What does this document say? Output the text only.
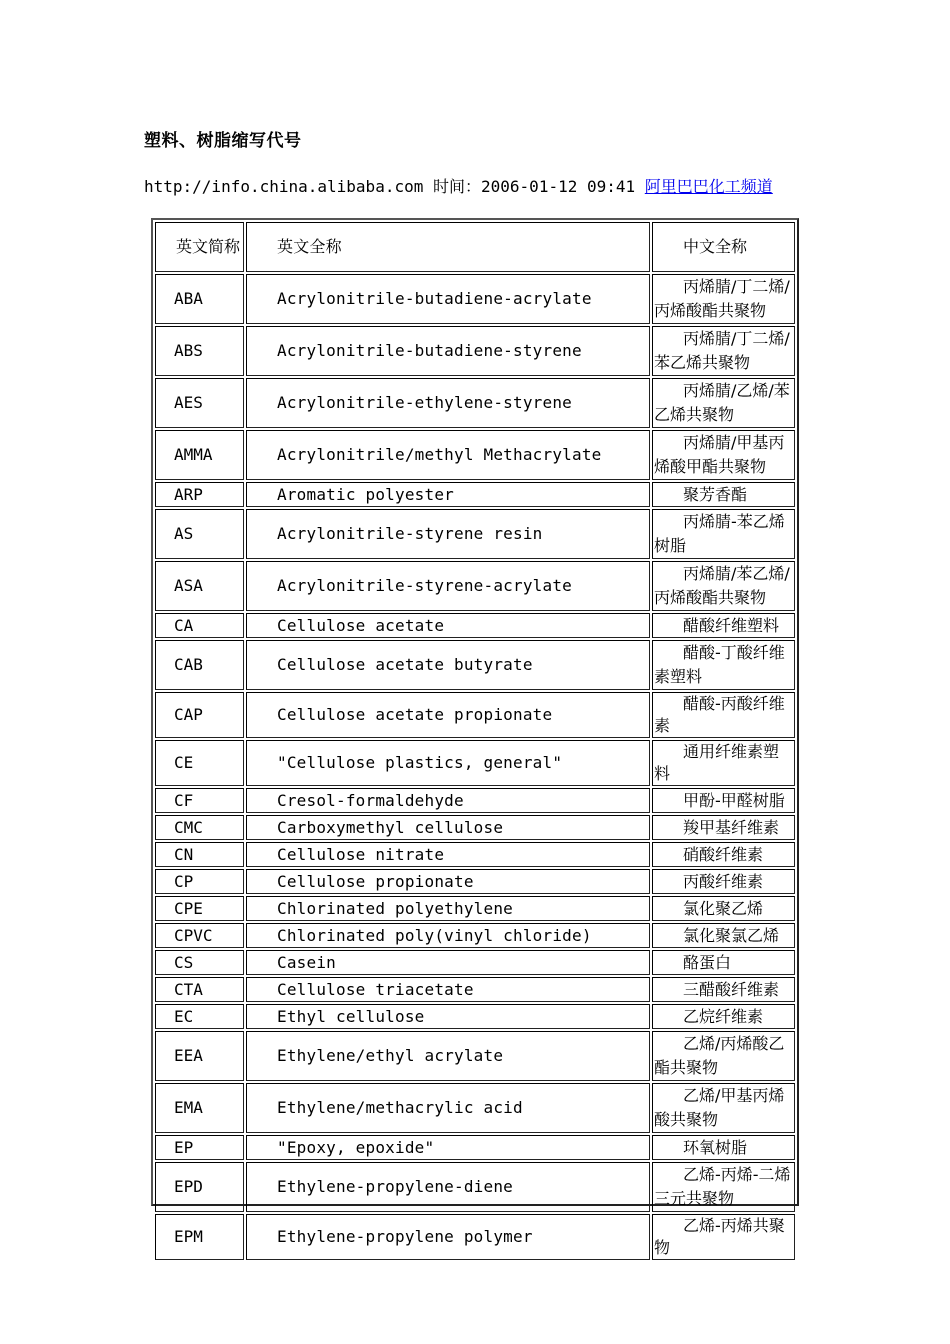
塑料、树脂缩写代号
http://info.china.alibaba.com 时间：2006-01-12 09:41 阿里巴巴化工频道
英文简称	英文全称	中文全称
ABA	Acrylonitrile-butadiene-acrylate	丙烯腈/丁二烯/丙烯酸酯共聚物
ABS	Acrylonitrile-butadiene-styrene	丙烯腈/丁二烯/苯乙烯共聚物
AES	Acrylonitrile-ethylene-styrene	丙烯腈/乙烯/苯乙烯共聚物
AMMA	Acrylonitrile/methyl Methacrylate	丙烯腈/甲基丙烯酸甲酯共聚物
ARP	Aromatic polyester	聚芳香酯
AS	Acrylonitrile-styrene resin	丙烯腈-苯乙烯树脂
ASA	Acrylonitrile-styrene-acrylate	丙烯腈/苯乙烯/丙烯酸酯共聚物
CA	Cellulose acetate	醋酸纤维塑料
CAB	Cellulose acetate butyrate	醋酸-丁酸纤维素塑料
CAP	Cellulose acetate propionate	醋酸-丙酸纤维素
CE	"Cellulose plastics, general"	通用纤维素塑料
CF	Cresol-formaldehyde	甲酚-甲醛树脂
CMC	Carboxymethyl cellulose	羧甲基纤维素
CN	Cellulose nitrate	硝酸纤维素
CP	Cellulose propionate	丙酸纤维素
CPE	Chlorinated polyethylene	氯化聚乙烯
CPVC	Chlorinated poly(vinyl chloride)	氯化聚氯乙烯
CS	Casein	酪蛋白
CTA	Cellulose triacetate	三醋酸纤维素
EC	Ethyl cellulose	乙烷纤维素
EEA	Ethylene/ethyl acrylate	乙烯/丙烯酸乙酯共聚物
EMA	Ethylene/methacrylic acid	乙烯/甲基丙烯酸共聚物
EP	"Epoxy, epoxide"	环氧树脂
EPD	Ethylene-propylene-diene	乙烯-丙烯-二烯三元共聚物
EPM	Ethylene-propylene polymer	乙烯-丙烯共聚物
